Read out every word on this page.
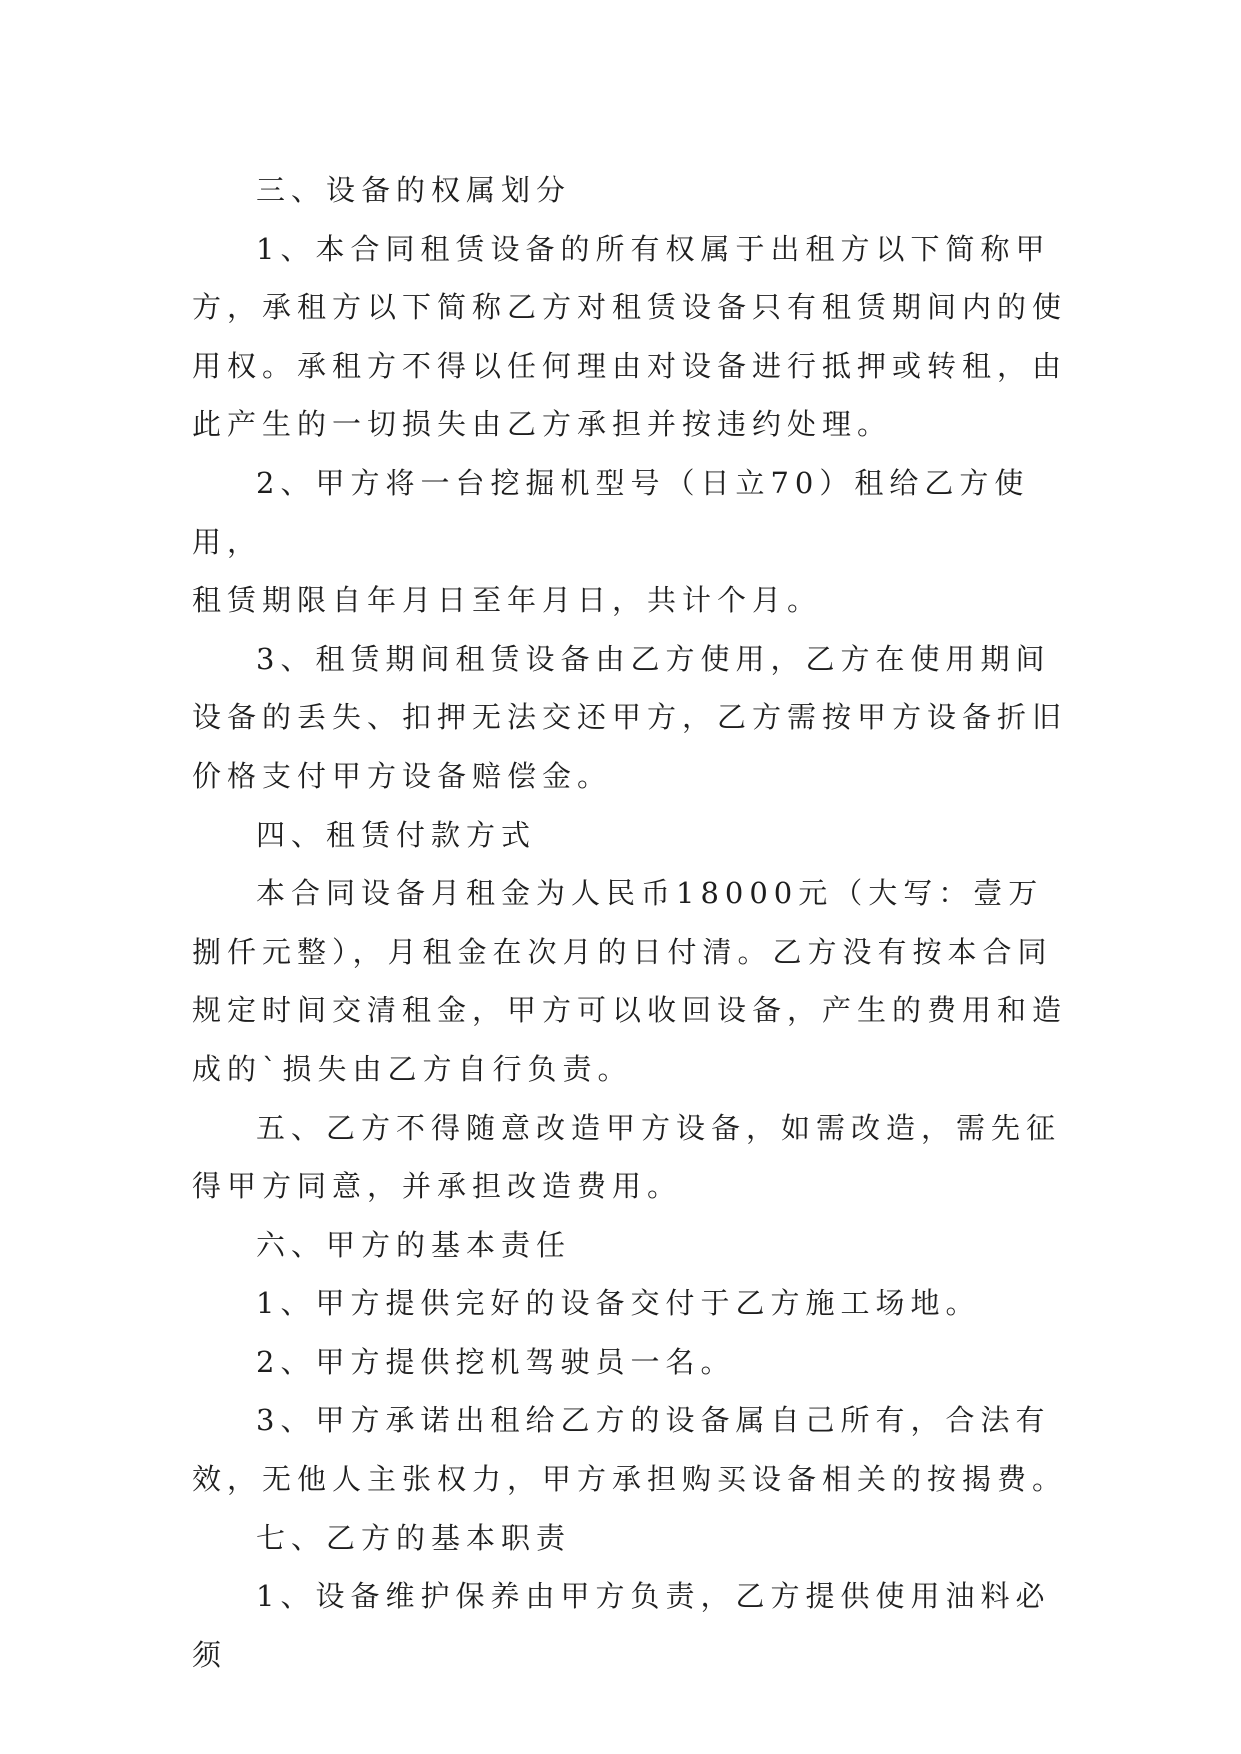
三、设备的权属划分

1、本合同租赁设备的所有权属于出租方以下简称甲方，承租方以下简称乙方对租赁设备只有租赁期间内的使用权。承租方不得以任何理由对设备进行抵押或转租，由此产生的一切损失由乙方承担并按违约处理。

2、甲方将一台挖掘机型号（日立70）租给乙方使用，

租赁期限自年月日至年月日，共计个月。

3、租赁期间租赁设备由乙方使用，乙方在使用期间设备的丢失、扣押无法交还甲方，乙方需按甲方设备折旧价格支付甲方设备赔偿金。

四、租赁付款方式

本合同设备月租金为人民币18000元（大写：壹万捌仟元整），月租金在次月的日付清。乙方没有按本合同规定时间交清租金，甲方可以收回设备，产生的费用和造成的`损失由乙方自行负责。

五、乙方不得随意改造甲方设备，如需改造，需先征得甲方同意，并承担改造费用。

六、甲方的基本责任

1、甲方提供完好的设备交付于乙方施工场地。

2、甲方提供挖机驾驶员一名。

3、甲方承诺出租给乙方的设备属自己所有，合法有效，无他人主张权力，甲方承担购买设备相关的按揭费。

七、乙方的基本职责

1、设备维护保养由甲方负责，乙方提供使用油料必须
